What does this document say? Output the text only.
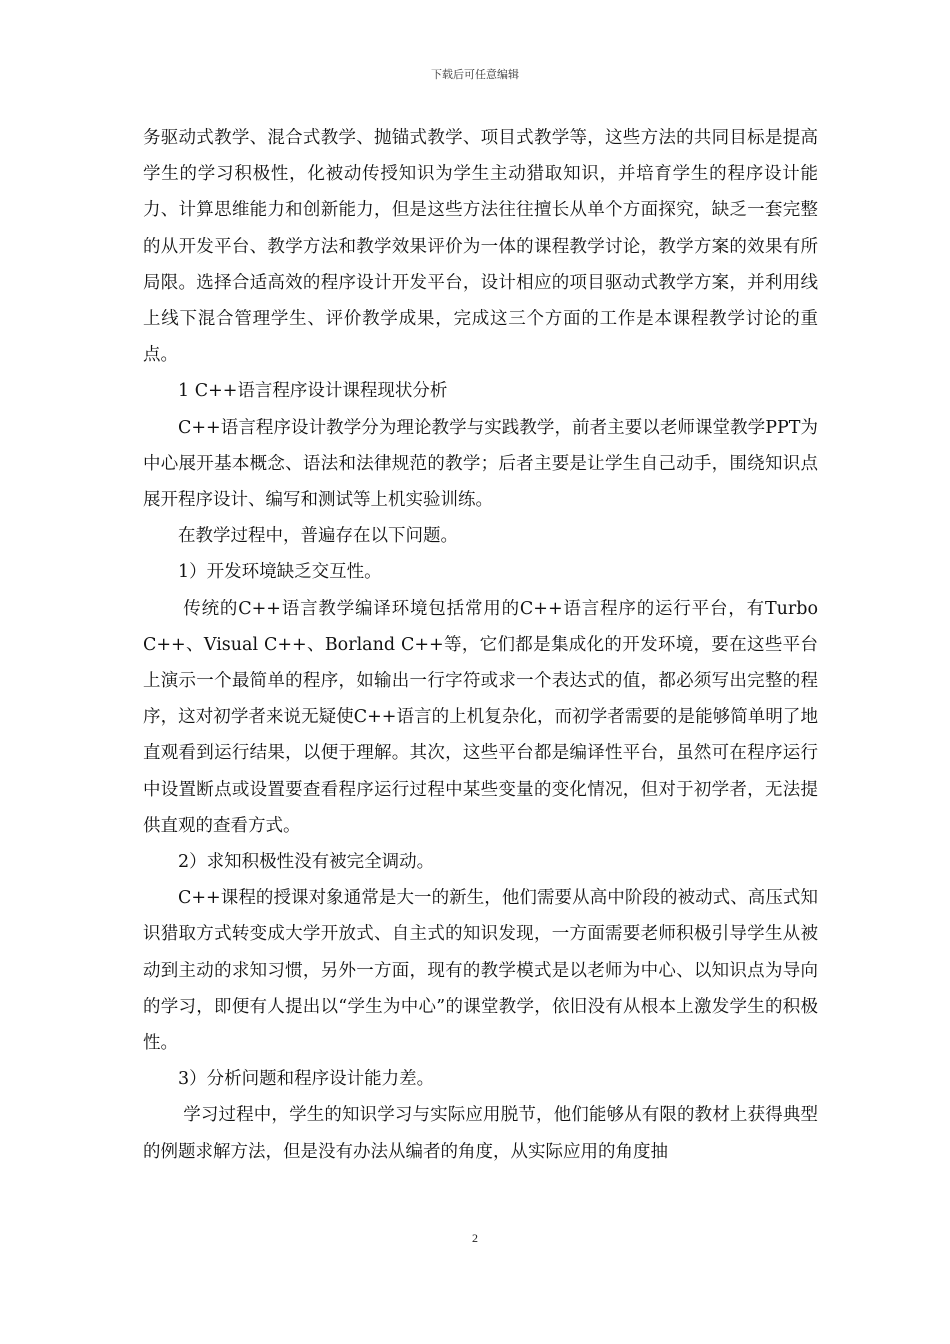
下载后可任意编辑

务驱动式教学、混合式教学、抛锚式教学、项目式教学等，这些方法的共同目标是提高学生的学习积极性，化被动传授知识为学生主动猎取知识，并培育学生的程序设计能力、计算思维能力和创新能力，但是这些方法往往擅长从单个方面探究，缺乏一套完整的从开发平台、教学方法和教学效果评价为一体的课程教学讨论，教学方案的效果有所局限。选择合适高效的程序设计开发平台，设计相应的项目驱动式教学方案，并利用线上线下混合管理学生、评价教学成果，完成这三个方面的工作是本课程教学讨论的重点。

1 C++语言程序设计课程现状分析

C++语言程序设计教学分为理论教学与实践教学，前者主要以老师课堂教学PPT为中心展开基本概念、语法和法律规范的教学；后者主要是让学生自己动手，围绕知识点展开程序设计、编写和测试等上机实验训练。

在教学过程中，普遍存在以下问题。

1）开发环境缺乏交互性。

传统的C++语言教学编译环境包括常用的C++语言程序的运行平台，有Turbo C++、Visual C++、Borland C++等，它们都是集成化的开发环境，要在这些平台上演示一个最简单的程序，如输出一行字符或求一个表达式的值，都必须写出完整的程序，这对初学者来说无疑使C++语言的上机复杂化，而初学者需要的是能够简单明了地直观看到运行结果，以便于理解。其次，这些平台都是编译性平台，虽然可在程序运行中设置断点或设置要查看程序运行过程中某些变量的变化情况，但对于初学者，无法提供直观的查看方式。

2）求知积极性没有被完全调动。

C++课程的授课对象通常是大一的新生，他们需要从高中阶段的被动式、高压式知识猎取方式转变成大学开放式、自主式的知识发现，一方面需要老师积极引导学生从被动到主动的求知习惯，另外一方面，现有的教学模式是以老师为中心、以知识点为导向的学习，即便有人提出以“学生为中心”的课堂教学，依旧没有从根本上激发学生的积极性。

3）分析问题和程序设计能力差。

学习过程中，学生的知识学习与实际应用脱节，他们能够从有限的教材上获得典型的例题求解方法，但是没有办法从编者的角度，从实际应用的角度抽

2
